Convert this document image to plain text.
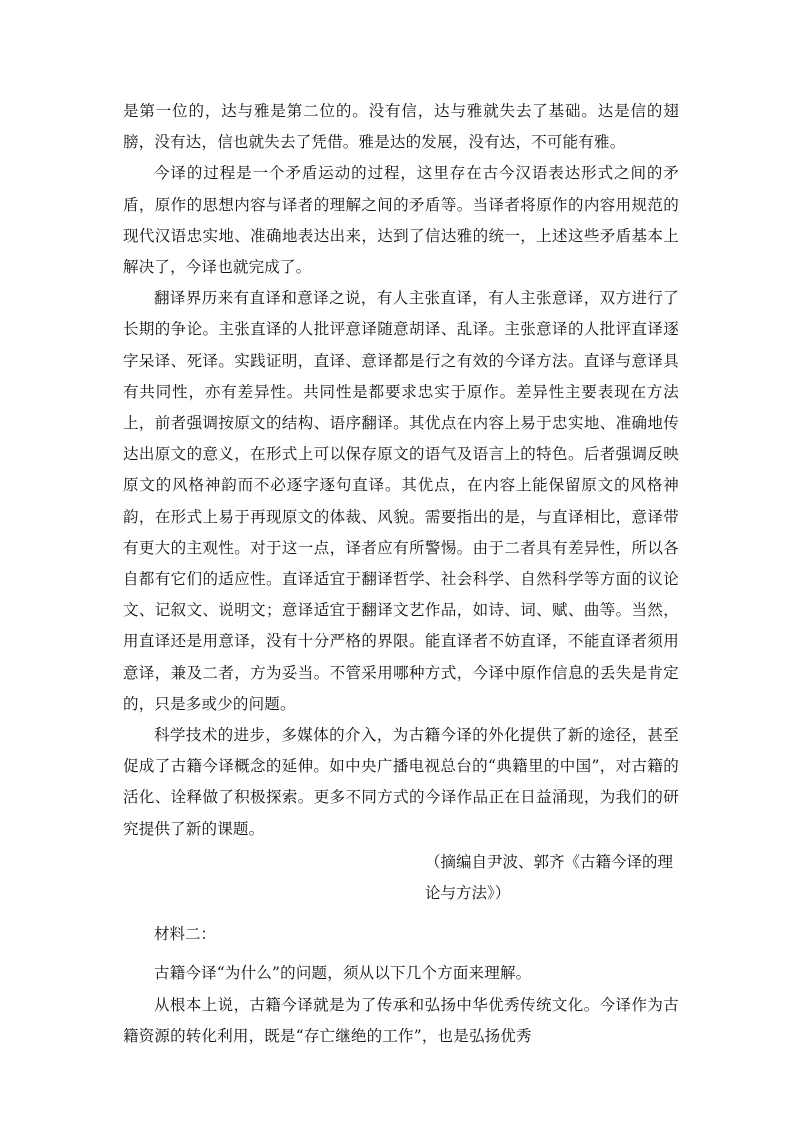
是第一位的，达与雅是第二位的。没有信，达与雅就失去了基础。达是信的翅膀，没有达，信也就失去了凭借。雅是达的发展，没有达，不可能有雅。

今译的过程是一个矛盾运动的过程，这里存在古今汉语表达形式之间的矛盾，原作的思想内容与译者的理解之间的矛盾等。当译者将原作的内容用规范的现代汉语忠实地、准确地表达出来，达到了信达雅的统一，上述这些矛盾基本上解决了，今译也就完成了。

翻译界历来有直译和意译之说，有人主张直译，有人主张意译，双方进行了长期的争论。主张直译的人批评意译随意胡译、乱译。主张意译的人批评直译逐字呆译、死译。实践证明，直译、意译都是行之有效的今译方法。直译与意译具有共同性，亦有差异性。共同性是都要求忠实于原作。差异性主要表现在方法上，前者强调按原文的结构、语序翻译。其优点在内容上易于忠实地、准确地传达出原文的意义，在形式上可以保存原文的语气及语言上的特色。后者强调反映原文的风格神韵而不必逐字逐句直译。其优点，在内容上能保留原文的风格神韵，在形式上易于再现原文的体裁、风貌。需要指出的是，与直译相比，意译带有更大的主观性。对于这一点，译者应有所警惕。由于二者具有差异性，所以各自都有它们的适应性。直译适宜于翻译哲学、社会科学、自然科学等方面的议论文、记叙文、说明文；意译适宜于翻译文艺作品，如诗、词、赋、曲等。当然，用直译还是用意译，没有十分严格的界限。能直译者不妨直译，不能直译者须用意译，兼及二者，方为妥当。不管采用哪种方式，今译中原作信息的丢失是肯定的，只是多或少的问题。

科学技术的进步，多媒体的介入，为古籍今译的外化提供了新的途径，甚至促成了古籍今译概念的延伸。如中央广播电视总台的“典籍里的中国”，对古籍的活化、诠释做了积极探索。更多不同方式的今译作品正在日益涌现，为我们的研究提供了新的课题。

（摘编自尹波、郭齐《古籍今译的理论与方法》）

材料二：

古籍今译“为什么”的问题，须从以下几个方面来理解。

从根本上说，古籍今译就是为了传承和弘扬中华优秀传统文化。今译作为古籍资源的转化利用，既是“存亡继绝的工作”，也是弘扬优秀
